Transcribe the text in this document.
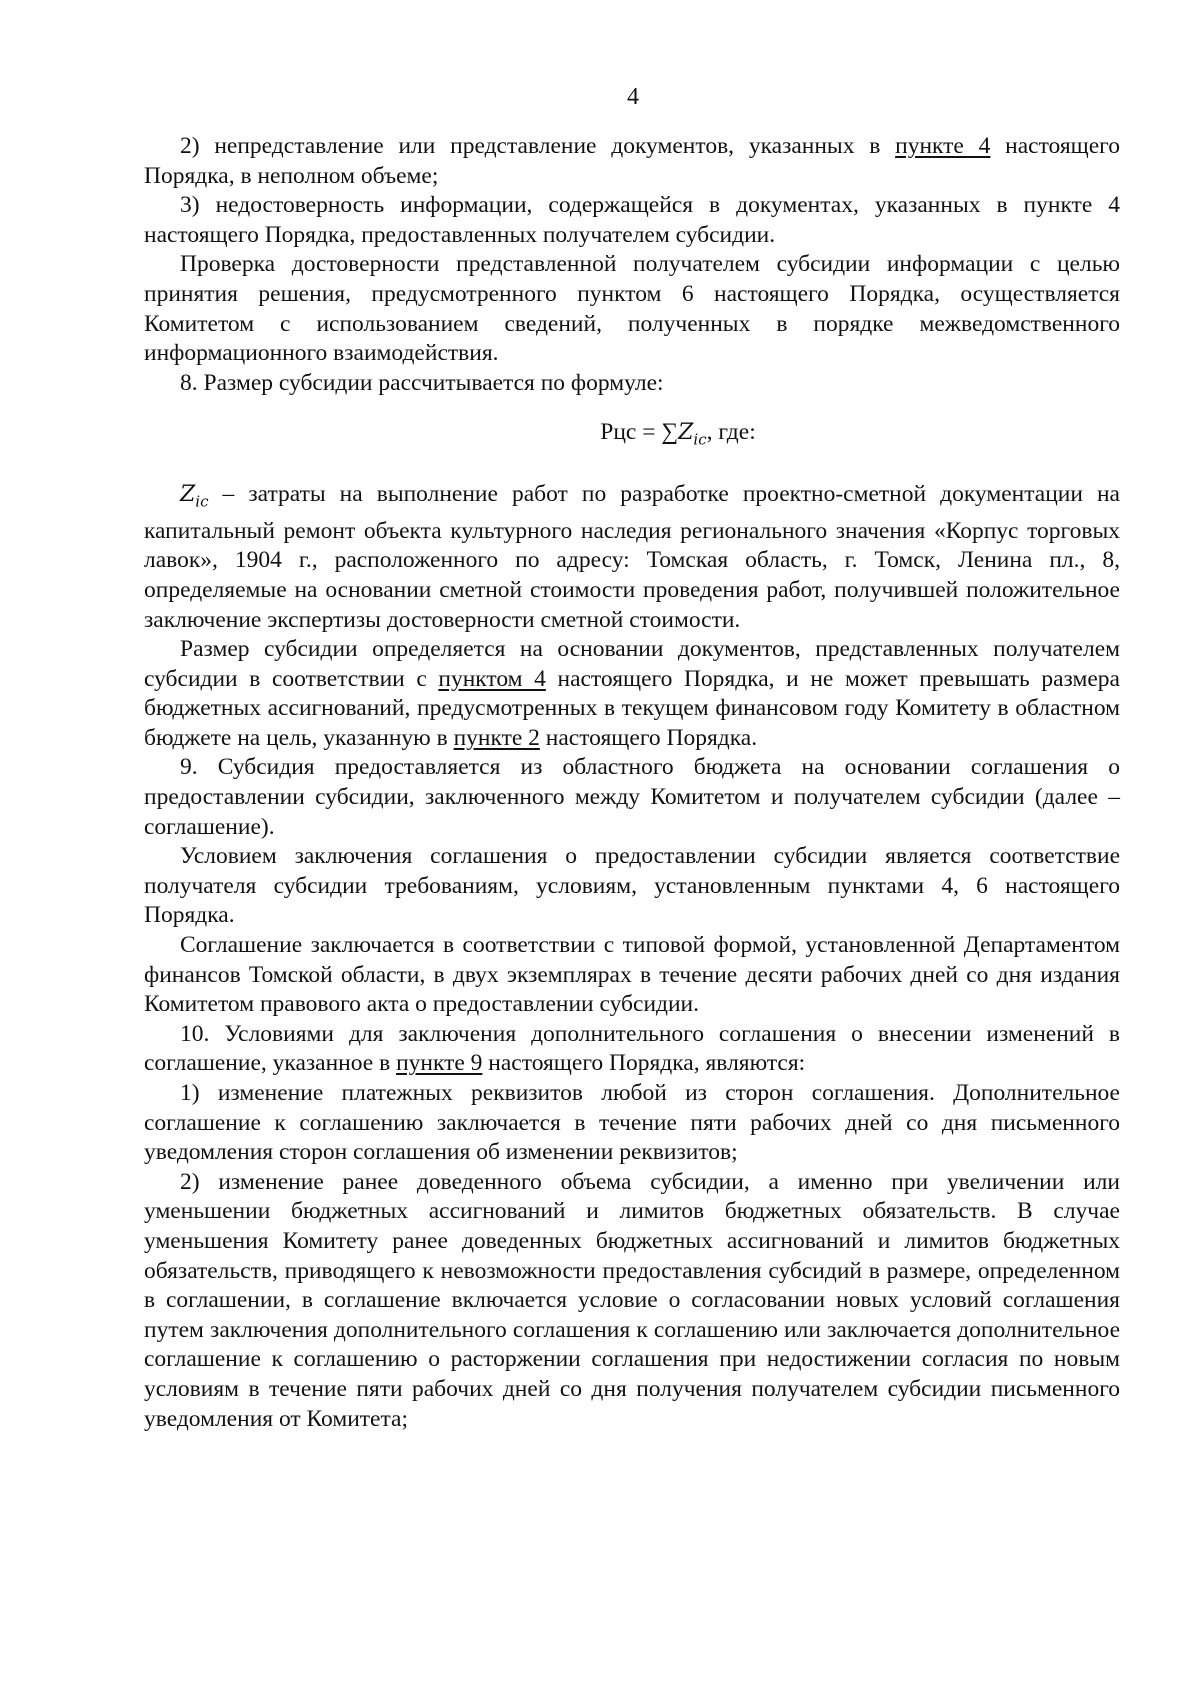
4

2) непредставление или представление документов, указанных в пункте 4 настоящего Порядка, в неполном объеме;

3) недостоверность информации, содержащейся в документах, указанных в пункте 4 настоящего Порядка, предоставленных получателем субсидии.

Проверка достоверности представленной получателем субсидии информации с целью принятия решения, предусмотренного пунктом 6 настоящего Порядка, осуществляется Комитетом с использованием сведений, полученных в порядке межведомственного информационного взаимодействия.

8. Размер субсидии рассчитывается по формуле:

Рцс = $\sum Z_{ic}$, где:

$Z_{ic}$ – затраты на выполнение работ по разработке проектно-сметной документации на капитальный ремонт объекта культурного наследия регионального значения «Корпус торговых лавок», 1904 г., расположенного по адресу: Томская область, г. Томск, Ленина пл., 8, определяемые на основании сметной стоимости проведения работ, получившей положительное заключение экспертизы достоверности сметной стоимости.

Размер субсидии определяется на основании документов, представленных получателем субсидии в соответствии с пунктом 4 настоящего Порядка, и не может превышать размера бюджетных ассигнований, предусмотренных в текущем финансовом году Комитету в областном бюджете на цель, указанную в пункте 2 настоящего Порядка.

9. Субсидия предоставляется из областного бюджета на основании соглашения о предоставлении субсидии, заключенного между Комитетом и получателем субсидии (далее – соглашение).

Условием заключения соглашения о предоставлении субсидии является соответствие получателя субсидии требованиям, условиям, установленным пунктами 4, 6 настоящего Порядка.

Соглашение заключается в соответствии с типовой формой, установленной Департаментом финансов Томской области, в двух экземплярах в течение десяти рабочих дней со дня издания Комитетом правового акта о предоставлении субсидии.

10. Условиями для заключения дополнительного соглашения о внесении изменений в соглашение, указанное в пункте 9 настоящего Порядка, являются:

1) изменение платежных реквизитов любой из сторон соглашения. Дополнительное соглашение к соглашению заключается в течение пяти рабочих дней со дня письменного уведомления сторон соглашения об изменении реквизитов;

2) изменение ранее доведенного объема субсидии, а именно при увеличении или уменьшении бюджетных ассигнований и лимитов бюджетных обязательств. В случае уменьшения Комитету ранее доведенных бюджетных ассигнований и лимитов бюджетных обязательств, приводящего к невозможности предоставления субсидий в размере, определенном в соглашении, в соглашение включается условие о согласовании новых условий соглашения путем заключения дополнительного соглашения к соглашению или заключается дополнительное соглашение к соглашению о расторжении соглашения при недостижении согласия по новым условиям в течение пяти рабочих дней со дня получения получателем субсидии письменного уведомления от Комитета;
